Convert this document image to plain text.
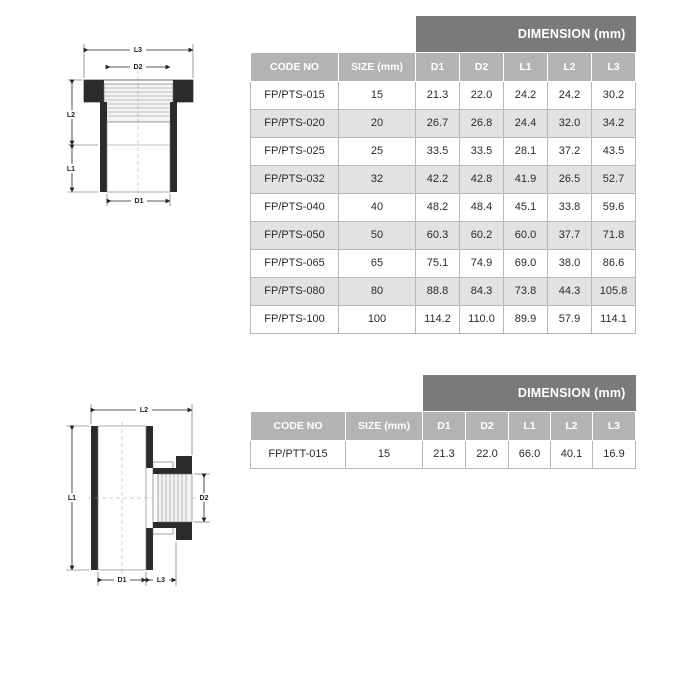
L3
D2
L2
L1
D1
		DIMENSION (mm)				
CODE NO	SIZE (mm)	D1	D2	L1	L2	L3
FP/PTS-015	15	21.3	22.0	24.2	24.2	30.2
FP/PTS-020	20	26.7	26.8	24.4	32.0	34.2
FP/PTS-025	25	33.5	33.5	28.1	37.2	43.5
FP/PTS-032	32	42.2	42.8	41.9	26.5	52.7
FP/PTS-040	40	48.2	48.4	45.1	33.8	59.6
FP/PTS-050	50	60.3	60.2	60.0	37.7	71.8
FP/PTS-065	65	75.1	74.9	69.0	38.0	86.6
FP/PTS-080	80	88.8	84.3	73.8	44.3	105.8
FP/PTS-100	100	114.2	110.0	89.9	57.9	114.1
L2
L1	D2
D1	L3
		DIMENSION (mm)				
CODE NO	SIZE (mm)	D1	D2	L1	L2	L3
FP/PTT-015	15	21.3	22.0	66.0	40.1	16.9
